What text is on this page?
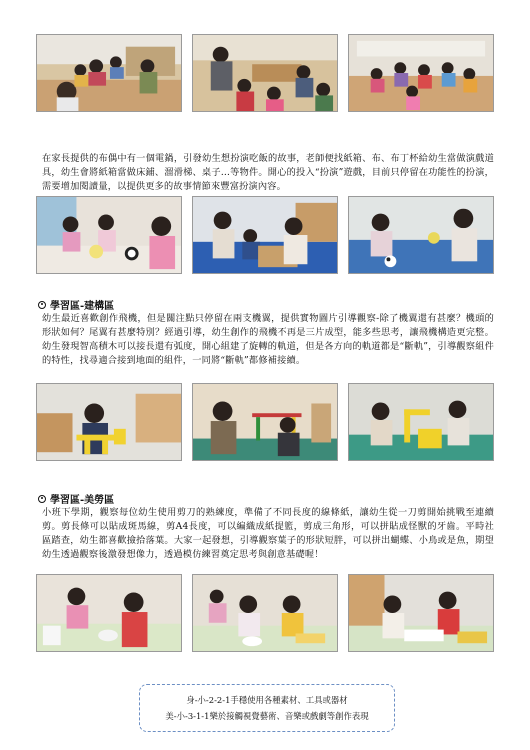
在家長提供的布偶中有一個電鍋，引發幼生想扮演吃飯的故事，老師便找紙箱、布、布丁杯給幼生當做演戲道具，幼生會將紙箱當做床鋪、溜滑梯、桌子…等物件。開心的投入“扮演”遊戲，目前只停留在功能性的扮演，需要增加閱讀量，以提供更多的故事情節來豐富扮演內容。

學習區-建構區

幼生最近喜歡創作飛機，但是關注點只停留在兩支機翼，提供實物圖片引導觀察-除了機翼還有甚麼？機頭的形狀如何？尾翼有甚麼特別？經過引導，幼生創作的飛機不再是三片成型，能多些思考，讓飛機構造更完整。幼生發現智高積木可以接長還有弧度，開心組建了旋轉的軌道，但是各方向的軌道都是“斷軌”，引導觀察組件的特性，找尋適合接到地面的組件，一同將“斷軌”都修補接續。

學習區-美勞區

小班下學期，觀察每位幼生使用剪刀的熟練度，準備了不同長度的線條紙，讓幼生從一刀剪開始挑戰至連續剪。剪長條可以貼成斑馬線，剪A4長度，可以編織成紙提籃，剪成三角形，可以拼貼成怪獸的牙齒。平時社區踏查，幼生都喜歡撿拾落葉。大家一起發想，引導觀察葉子的形狀短胖，可以拼出蝴蝶、小鳥或是魚，期望幼生透過觀察後激發想像力，透過模仿練習奠定思考與創意基礎喔！

身-小-2-2-1手穩使用各種素材、工具或器材
美-小-3-1-1樂於接觸視覺藝術、音樂或戲劇等創作表現
